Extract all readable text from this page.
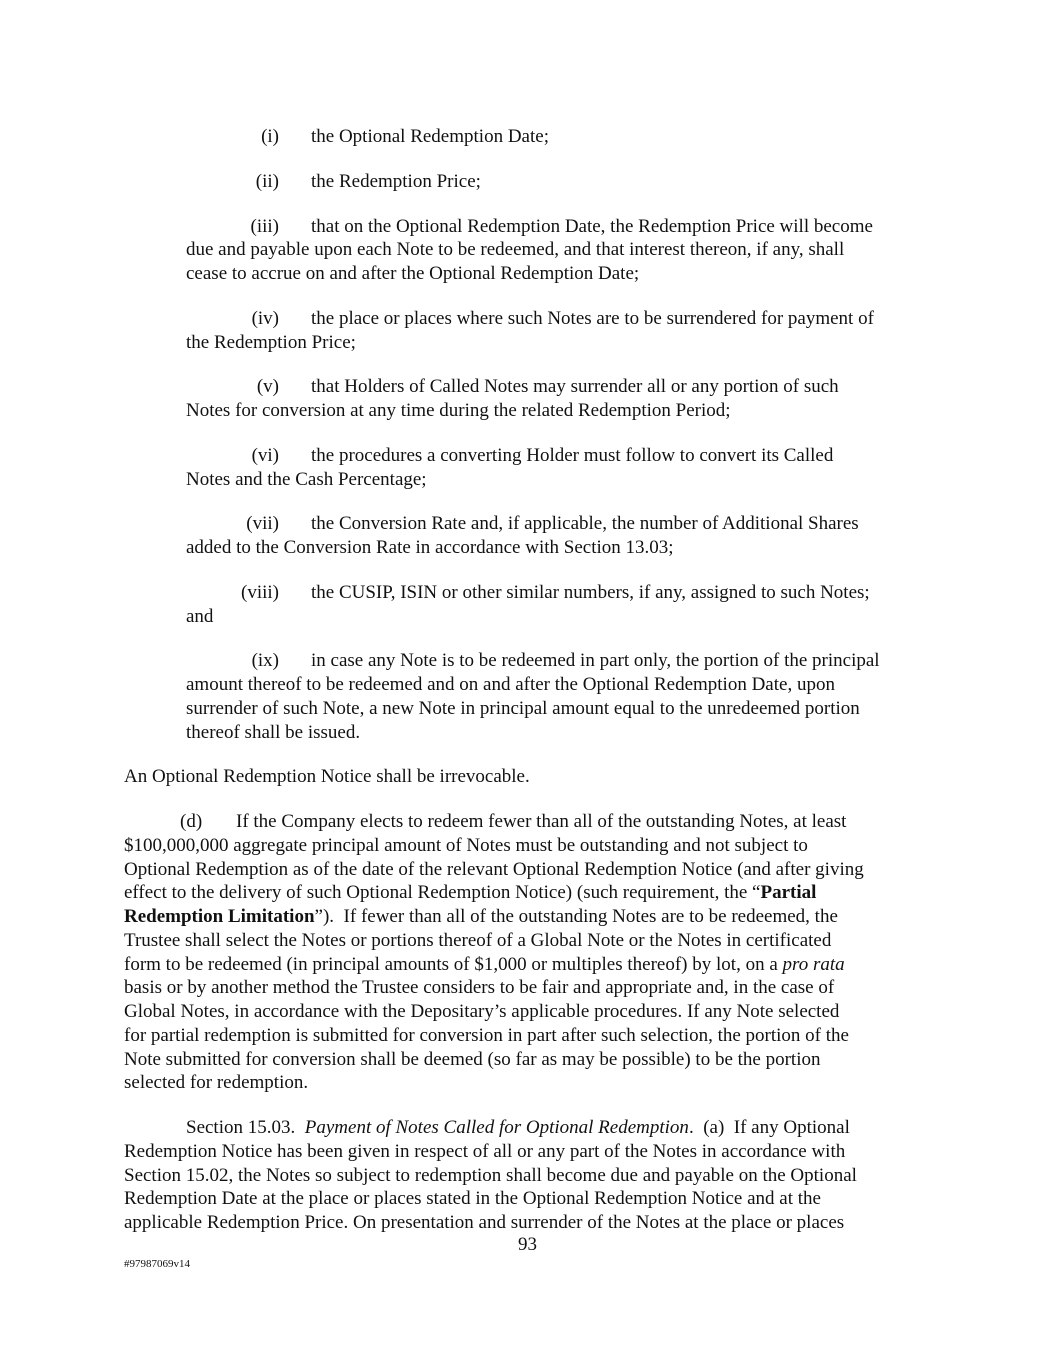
(i) the Optional Redemption Date;
(ii) the Redemption Price;
(iii) that on the Optional Redemption Date, the Redemption Price will become
due and payable upon each Note to be redeemed, and that interest thereon, if any, shall
cease to accrue on and after the Optional Redemption Date;
(iv) the place or places where such Notes are to be surrendered for payment of
the Redemption Price;
(v) that Holders of Called Notes may surrender all or any portion of such
Notes for conversion at any time during the related Redemption Period;
(vi) the procedures a converting Holder must follow to convert its Called
Notes and the Cash Percentage;
(vii) the Conversion Rate and, if applicable, the number of Additional Shares
added to the Conversion Rate in accordance with Section 13.03;
(viii) the CUSIP, ISIN or other similar numbers, if any, assigned to such Notes;
and
(ix) in case any Note is to be redeemed in part only, the portion of the principal
amount thereof to be redeemed and on and after the Optional Redemption Date, upon
surrender of such Note, a new Note in principal amount equal to the unredeemed portion
thereof shall be issued.
An Optional Redemption Notice shall be irrevocable.
(d) If the Company elects to redeem fewer than all of the outstanding Notes, at least
$100,000,000 aggregate principal amount of Notes must be outstanding and not subject to
Optional Redemption as of the date of the relevant Optional Redemption Notice (and after giving
effect to the delivery of such Optional Redemption Notice) (such requirement, the “Partial
Redemption Limitation”).  If fewer than all of the outstanding Notes are to be redeemed, the
Trustee shall select the Notes or portions thereof of a Global Note or the Notes in certificated
form to be redeemed (in principal amounts of $1,000 or multiples thereof) by lot, on a pro rata
basis or by another method the Trustee considers to be fair and appropriate and, in the case of
Global Notes, in accordance with the Depositary’s applicable procedures. If any Note selected
for partial redemption is submitted for conversion in part after such selection, the portion of the
Note submitted for conversion shall be deemed (so far as may be possible) to be the portion
selected for redemption.
Section 15.03.  Payment of Notes Called for Optional Redemption.  (a)  If any Optional
Redemption Notice has been given in respect of all or any part of the Notes in accordance with
Section 15.02, the Notes so subject to redemption shall become due and payable on the Optional
Redemption Date at the place or places stated in the Optional Redemption Notice and at the
applicable Redemption Price. On presentation and surrender of the Notes at the place or places
93
#97987069v14
